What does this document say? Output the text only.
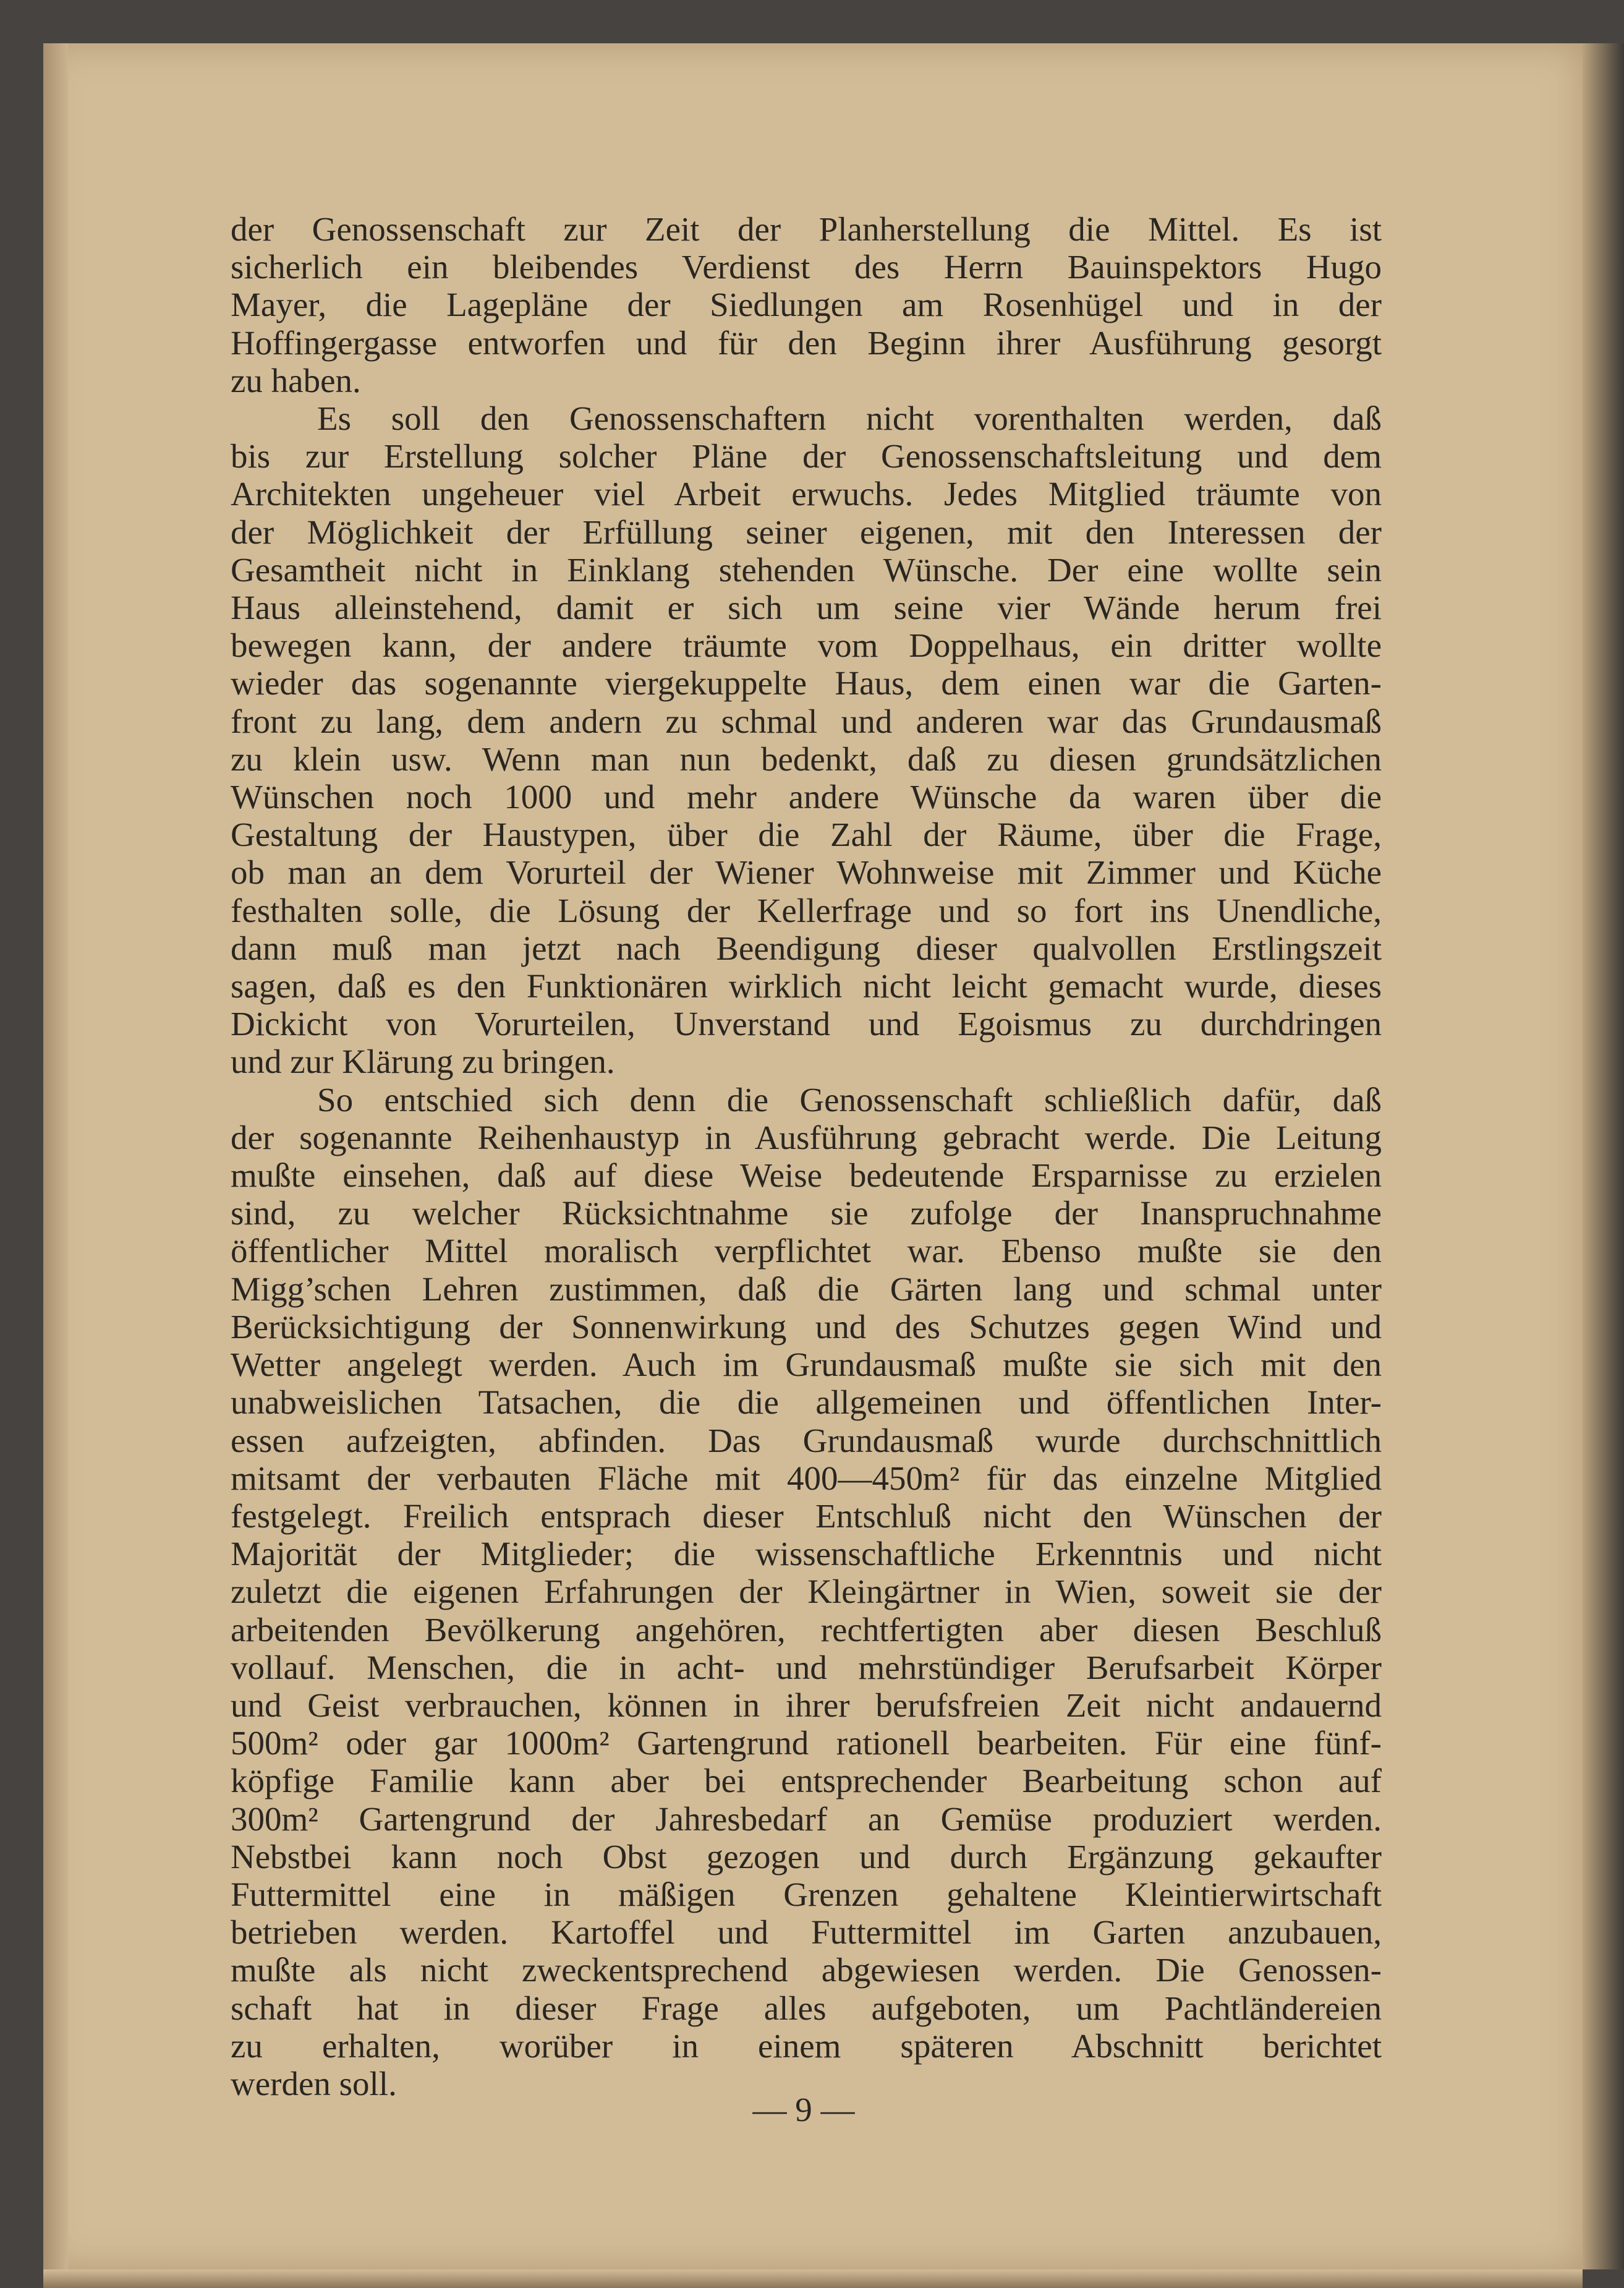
der Genossenschaft zur Zeit der Planherstellung die Mittel. Es ist
sicherlich ein bleibendes Verdienst des Herrn Bauinspektors Hugo
Mayer, die Lagepläne der Siedlungen am Rosenhügel und in der
Hoffingergasse entworfen und für den Beginn ihrer Ausführung gesorgt
zu haben.
Es soll den Genossenschaftern nicht vorenthalten werden, daß
bis zur Erstellung solcher Pläne der Genossenschaftsleitung und dem
Architekten ungeheuer viel Arbeit erwuchs. Jedes Mitglied träumte von
der Möglichkeit der Erfüllung seiner eigenen, mit den Interessen der
Gesamtheit nicht in Einklang stehenden Wünsche. Der eine wollte sein
Haus alleinstehend, damit er sich um seine vier Wände herum frei
bewegen kann, der andere träumte vom Doppelhaus, ein dritter wollte
wieder das sogenannte viergekuppelte Haus, dem einen war die Garten-
front zu lang, dem andern zu schmal und anderen war das Grundausmaß
zu klein usw. Wenn man nun bedenkt, daß zu diesen grundsätzlichen
Wünschen noch 1000 und mehr andere Wünsche da waren über die
Gestaltung der Haustypen, über die Zahl der Räume, über die Frage,
ob man an dem Vorurteil der Wiener Wohnweise mit Zimmer und Küche
festhalten solle, die Lösung der Kellerfrage und so fort ins Unendliche,
dann muß man jetzt nach Beendigung dieser qualvollen Erstlingszeit
sagen, daß es den Funktionären wirklich nicht leicht gemacht wurde, dieses
Dickicht von Vorurteilen, Unverstand und Egoismus zu durchdringen
und zur Klärung zu bringen.
So entschied sich denn die Genossenschaft schließlich dafür, daß
der sogenannte Reihenhaustyp in Ausführung gebracht werde. Die Leitung
mußte einsehen, daß auf diese Weise bedeutende Ersparnisse zu erzielen
sind, zu welcher Rücksichtnahme sie zufolge der Inanspruchnahme
öffentlicher Mittel moralisch verpflichtet war. Ebenso mußte sie den
Migg’schen Lehren zustimmen, daß die Gärten lang und schmal unter
Berücksichtigung der Sonnenwirkung und des Schutzes gegen Wind und
Wetter angelegt werden. Auch im Grundausmaß mußte sie sich mit den
unabweislichen Tatsachen, die die allgemeinen und öffentlichen Inter-
essen aufzeigten, abfinden. Das Grundausmaß wurde durchschnittlich
mitsamt der verbauten Fläche mit 400—450m² für das einzelne Mitglied
festgelegt. Freilich entsprach dieser Entschluß nicht den Wünschen der
Majorität der Mitglieder; die wissenschaftliche Erkenntnis und nicht
zuletzt die eigenen Erfahrungen der Kleingärtner in Wien, soweit sie der
arbeitenden Bevölkerung angehören, rechtfertigten aber diesen Beschluß
vollauf. Menschen, die in acht- und mehrstündiger Berufsarbeit Körper
und Geist verbrauchen, können in ihrer berufsfreien Zeit nicht andauernd
500m² oder gar 1000m² Gartengrund rationell bearbeiten. Für eine fünf-
köpfige Familie kann aber bei entsprechender Bearbeitung schon auf
300m² Gartengrund der Jahresbedarf an Gemüse produziert werden.
Nebstbei kann noch Obst gezogen und durch Ergänzung gekaufter
Futtermittel eine in mäßigen Grenzen gehaltene Kleintierwirtschaft
betrieben werden. Kartoffel und Futtermittel im Garten anzubauen,
mußte als nicht zweckentsprechend abgewiesen werden. Die Genossen-
schaft hat in dieser Frage alles aufgeboten, um Pachtländereien
zu erhalten, worüber in einem späteren Abschnitt berichtet
werden soll.
— 9 —
